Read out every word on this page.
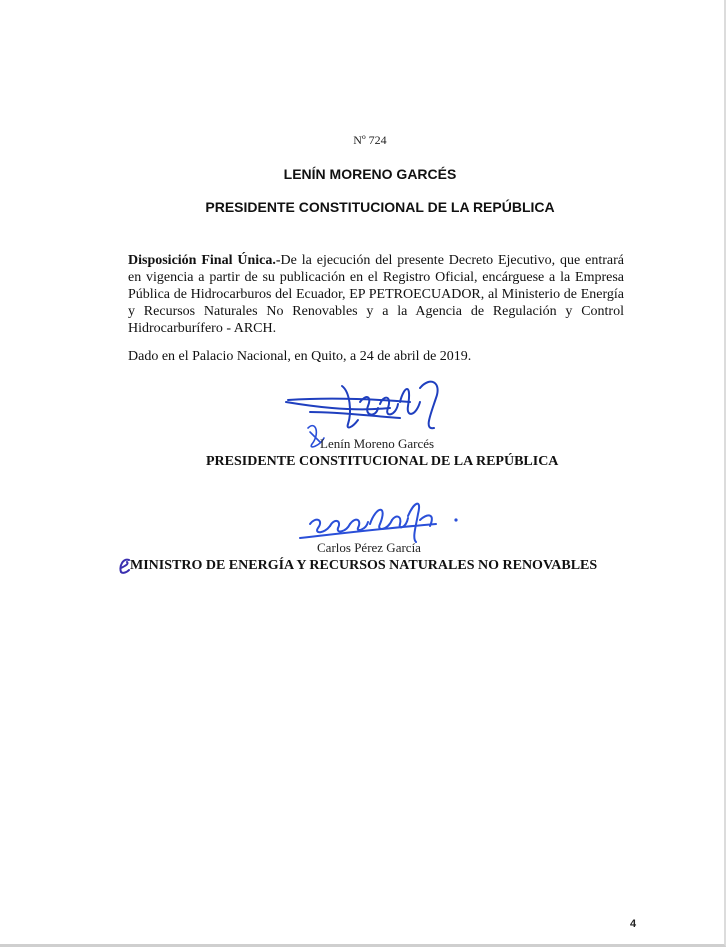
Nº 724
LENÍN MORENO GARCÉS
PRESIDENTE CONSTITUCIONAL DE LA REPÚBLICA
Disposición Final Única.-De la ejecución del presente Decreto Ejecutivo, que entrará en vigencia a partir de su publicación en el Registro Oficial, encárguese a la Empresa Pública de Hidrocarburos del Ecuador, EP PETROECUADOR, al Ministerio de Energía y Recursos Naturales No Renovables y a la Agencia de Regulación y Control Hidrocarburífero - ARCH.
Dado en el Palacio Nacional, en Quito, a 24 de abril de 2019.
Lenín Moreno Garcés
PRESIDENTE CONSTITUCIONAL DE LA REPÚBLICA
Carlos Pérez García
MINISTRO DE ENERGÍA Y RECURSOS NATURALES NO RENOVABLES
4
